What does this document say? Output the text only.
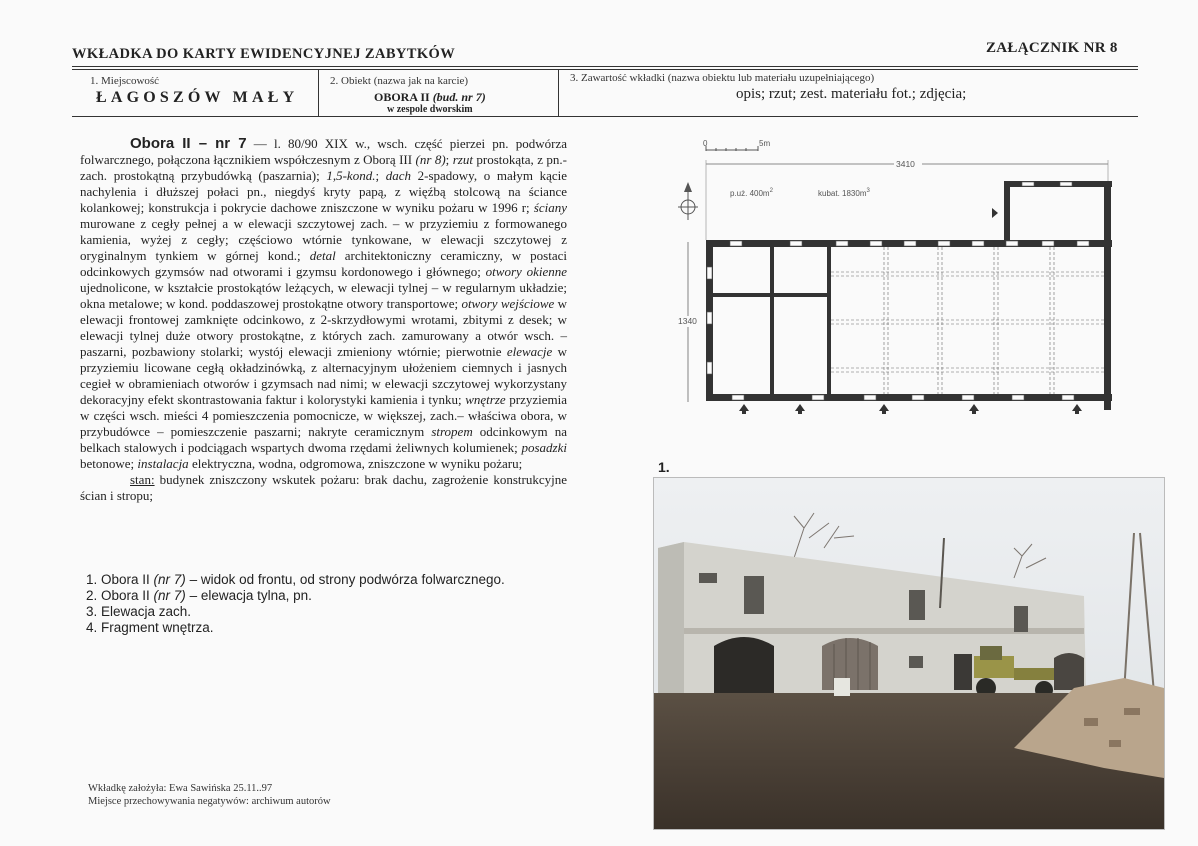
WKŁADKA DO KARTY EWIDENCYJNEJ ZABYTKÓW	ZAŁĄCZNIK NR 8
1. Miejscowość
ŁAGOSZÓW MAŁY
2. Obiekt (nazwa jak na karcie)
OBORA II (bud. nr 7)
w zespole dworskim
3. Zawartość wkładki (nazwa obiektu lub materiału uzupełniającego)
opis; rzut; zest. materiału fot.; zdjęcia;
Obora II – nr 7 — l. 80/90 XIX w., wsch. część pierzei pn. podwórza folwarcznego, połączona łącznikiem współczesnym z Oborą III (nr 8); rzut prostokąta, z pn.-zach. prostokątną przybudówką (paszarnia); 1,5-kond.; dach 2-spadowy, o małym kącie nachylenia i dłuższej połaci pn., niegdyś kryty papą, z więźbą stolcową na ściance kolankowej; konstrukcja i pokrycie dachowe zniszczone w wyniku pożaru w 1996 r; ściany murowane z cegły pełnej a w elewacji szczytowej zach. – w przyziemiu z formowanego kamienia, wyżej z cegły; częściowo wtórnie tynkowane, w elewacji szczytowej z oryginalnym tynkiem w górnej kond.; detal architektoniczny ceramiczny, w postaci odcinkowych gzymsów nad otworami i gzymsu kordonowego i głównego; otwory okienne ujednolicone, w kształcie prostokątów leżących, w elewacji tylnej – w regularnym układzie; okna metalowe; w kond. poddaszowej prostokątne otwory transportowe; otwory wejściowe w elewacji frontowej zamknięte odcinkowo, z 2-skrzydłowymi wrotami, zbitymi z desek; w elewacji tylnej duże otwory prostokątne, z których zach. zamurowany a otwór wsch. – paszarni, pozbawiony stolarki; wystój elewacji zmieniony wtórnie; pierwotnie elewacje w przyziemiu licowane cegłą okładzinówką, z alternacyjnym ułożeniem ciemnych i jasnych cegieł w obramieniach otworów i gzymsach nad nimi; w elewacji szczytowej wykorzystany dekoracyjny efekt skontrastowania faktur i kolorystyki kamienia i tynku; wnętrze przyziemia w części wsch. mieści 4 pomieszczenia pomocnicze, w większej, zach.– właściwa obora, w przybudówce – pomieszczenie paszarni; nakryte ceramicznym stropem odcinkowym na belkach stalowych i podciągach wspartych dwoma rzędami żeliwnych kolumienek; posadzki betonowe; instalacja elektryczna, wodna, odgromowa, zniszczone w wyniku pożaru;
stan: budynek zniszczony wskutek pożaru: brak dachu, zagrożenie konstrukcyjne ścian i stropu;
1. Obora II (nr 7) – widok od frontu, od strony podwórza folwarcznego.
2. Obora II (nr 7) – elewacja tylna, pn.
3. Elewacja zach.
4. Fragment wnętrza.
Wkładkę założyła: Ewa Sawińska 25.11..97
Miejsce przechowywania negatywów: archiwum autorów
0	5m
3410
1340
p.uż. $400m^2$	kubat. $1830m^3$
1.
